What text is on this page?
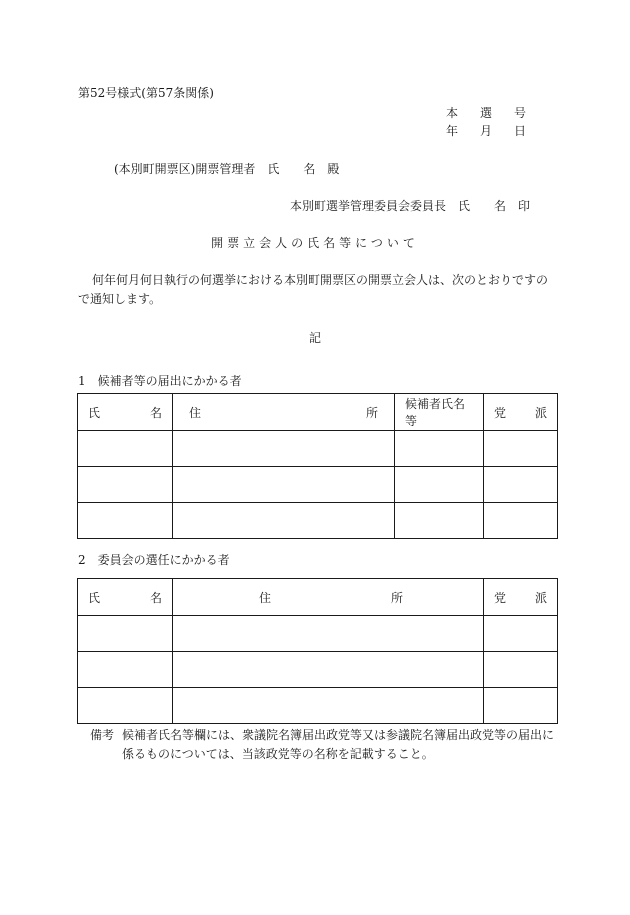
第52号様式(第57条関係)
本 選 号
年 月 日
(本別町開票区)開票管理者　氏　　名　殿
本別町選挙管理委員会委員長　氏　　名　印
開票立会人の氏名等について
何年何月何日執行の何選挙における本別町開票区の開票立会人は、次のとおりですので通知します。
記
1　候補者等の届出にかかる者
氏 名	住 所	候補者氏名等	党 派

2　委員会の選任にかかる者
氏 名	住 所	党 派

備考 候補者氏名等欄には、衆議院名簿届出政党等又は参議院名簿届出政党等の届出に
係るものについては、当該政党等の名称を記載すること。
